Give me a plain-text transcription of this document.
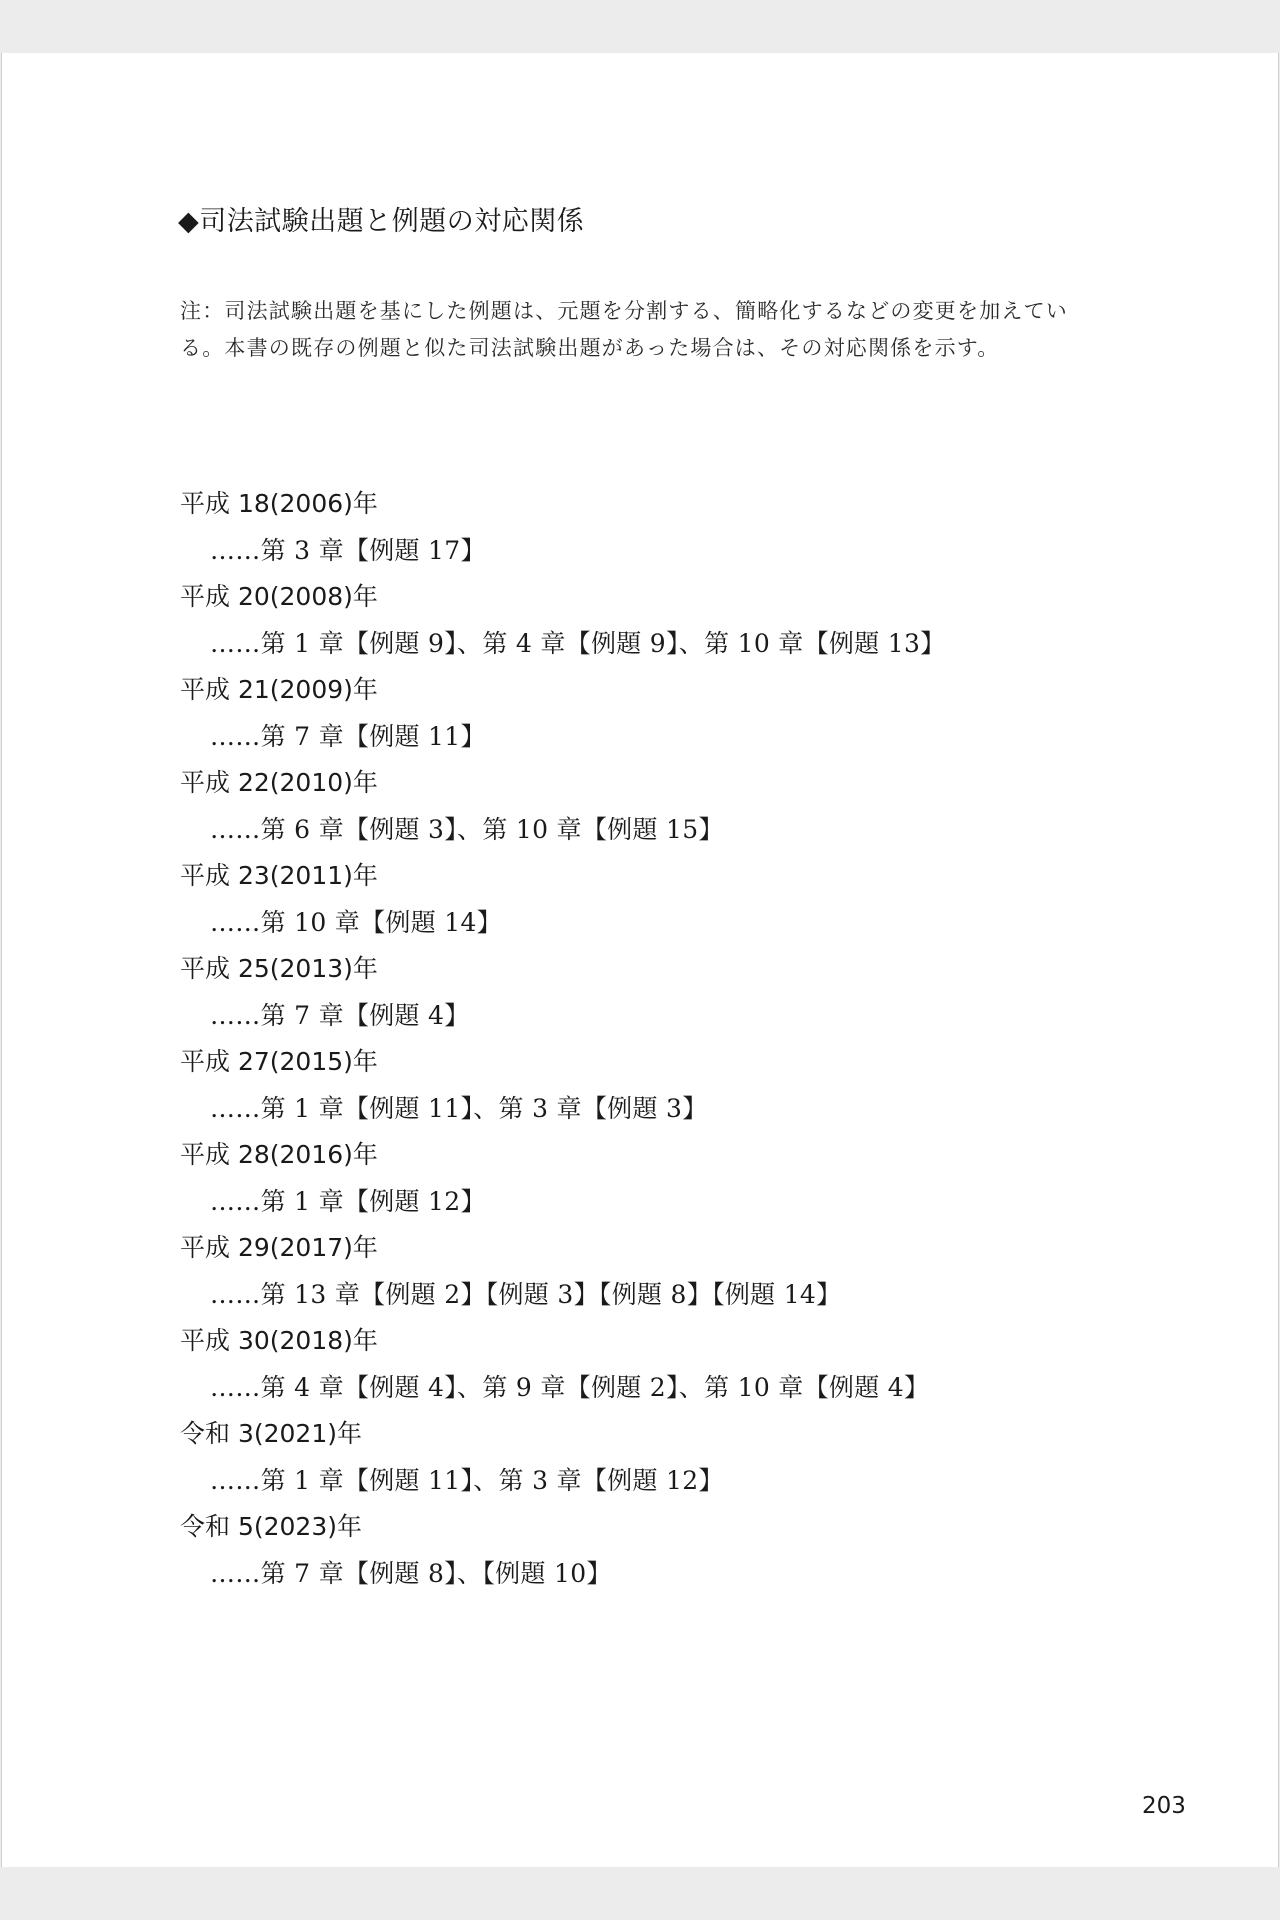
◆司法試験出題と例題の対応関係
注：司法試験出題を基にした例題は、元題を分割する、簡略化するなどの変更を加えてい
る。本書の既存の例題と似た司法試験出題があった場合は、その対応関係を示す。
平成 18(2006)年
……第 3 章【例題 17】
平成 20(2008)年
……第 1 章【例題 9】、第 4 章【例題 9】、第 10 章【例題 13】
平成 21(2009)年
……第 7 章【例題 11】
平成 22(2010)年
……第 6 章【例題 3】、第 10 章【例題 15】
平成 23(2011)年
……第 10 章【例題 14】
平成 25(2013)年
……第 7 章【例題 4】
平成 27(2015)年
……第 1 章【例題 11】、第 3 章【例題 3】
平成 28(2016)年
……第 1 章【例題 12】
平成 29(2017)年
……第 13 章【例題 2】【例題 3】【例題 8】【例題 14】
平成 30(2018)年
……第 4 章【例題 4】、第 9 章【例題 2】、第 10 章【例題 4】
令和 3(2021)年
……第 1 章【例題 11】、第 3 章【例題 12】
令和 5(2023)年
……第 7 章【例題 8】、【例題 10】
203
